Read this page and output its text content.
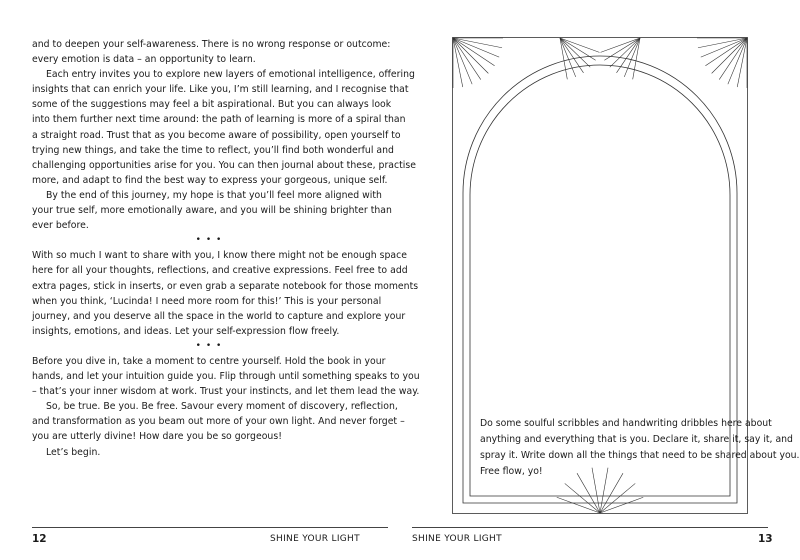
and to deepen your self-awareness. There is no wrong response or outcome:

every emotion is data – an opportunity to learn.

Each entry invites you to explore new layers of emotional intelligence, offering

insights that can enrich your life. Like you, I’m still learning, and I recognise that

some of the suggestions may feel a bit aspirational. But you can always look

into them further next time around: the path of learning is more of a spiral than

a straight road. Trust that as you become aware of possibility, open yourself to

trying new things, and take the time to reflect, you’ll find both wonderful and

challenging opportunities arise for you. You can then journal about these, practise

more, and adapt to find the best way to express your gorgeous, unique self.

By the end of this journey, my hope is that you’ll feel more aligned with

your true self, more emotionally aware, and you will be shining brighter than

ever before.

• • •

With so much I want to share with you, I know there might not be enough space

here for all your thoughts, reflections, and creative expressions. Feel free to add

extra pages, stick in inserts, or even grab a separate notebook for those moments

when you think, ‘Lucinda! I need more room for this!’ This is your personal

journey, and you deserve all the space in the world to capture and explore your

insights, emotions, and ideas. Let your self-expression flow freely.

• • •

Before you dive in, take a moment to centre yourself. Hold the book in your

hands, and let your intuition guide you. Flip through until something speaks to you

– that’s your inner wisdom at work. Trust your instincts, and let them lead the way.

So, be true. Be you. Be free. Savour every moment of discovery, reflection,

and transformation as you beam out more of your own light. And never forget –

you are utterly divine! How dare you be so gorgeous!

Let’s begin.

12	SHINE YOUR LIGHT

Do some soulful scribbles and handwriting dribbles here about

anything and everything that is you. Declare it, share it, say it, and

spray it. Write down all the things that need to be shared about you.

Free flow, yo!

SHINE YOUR LIGHT	13
